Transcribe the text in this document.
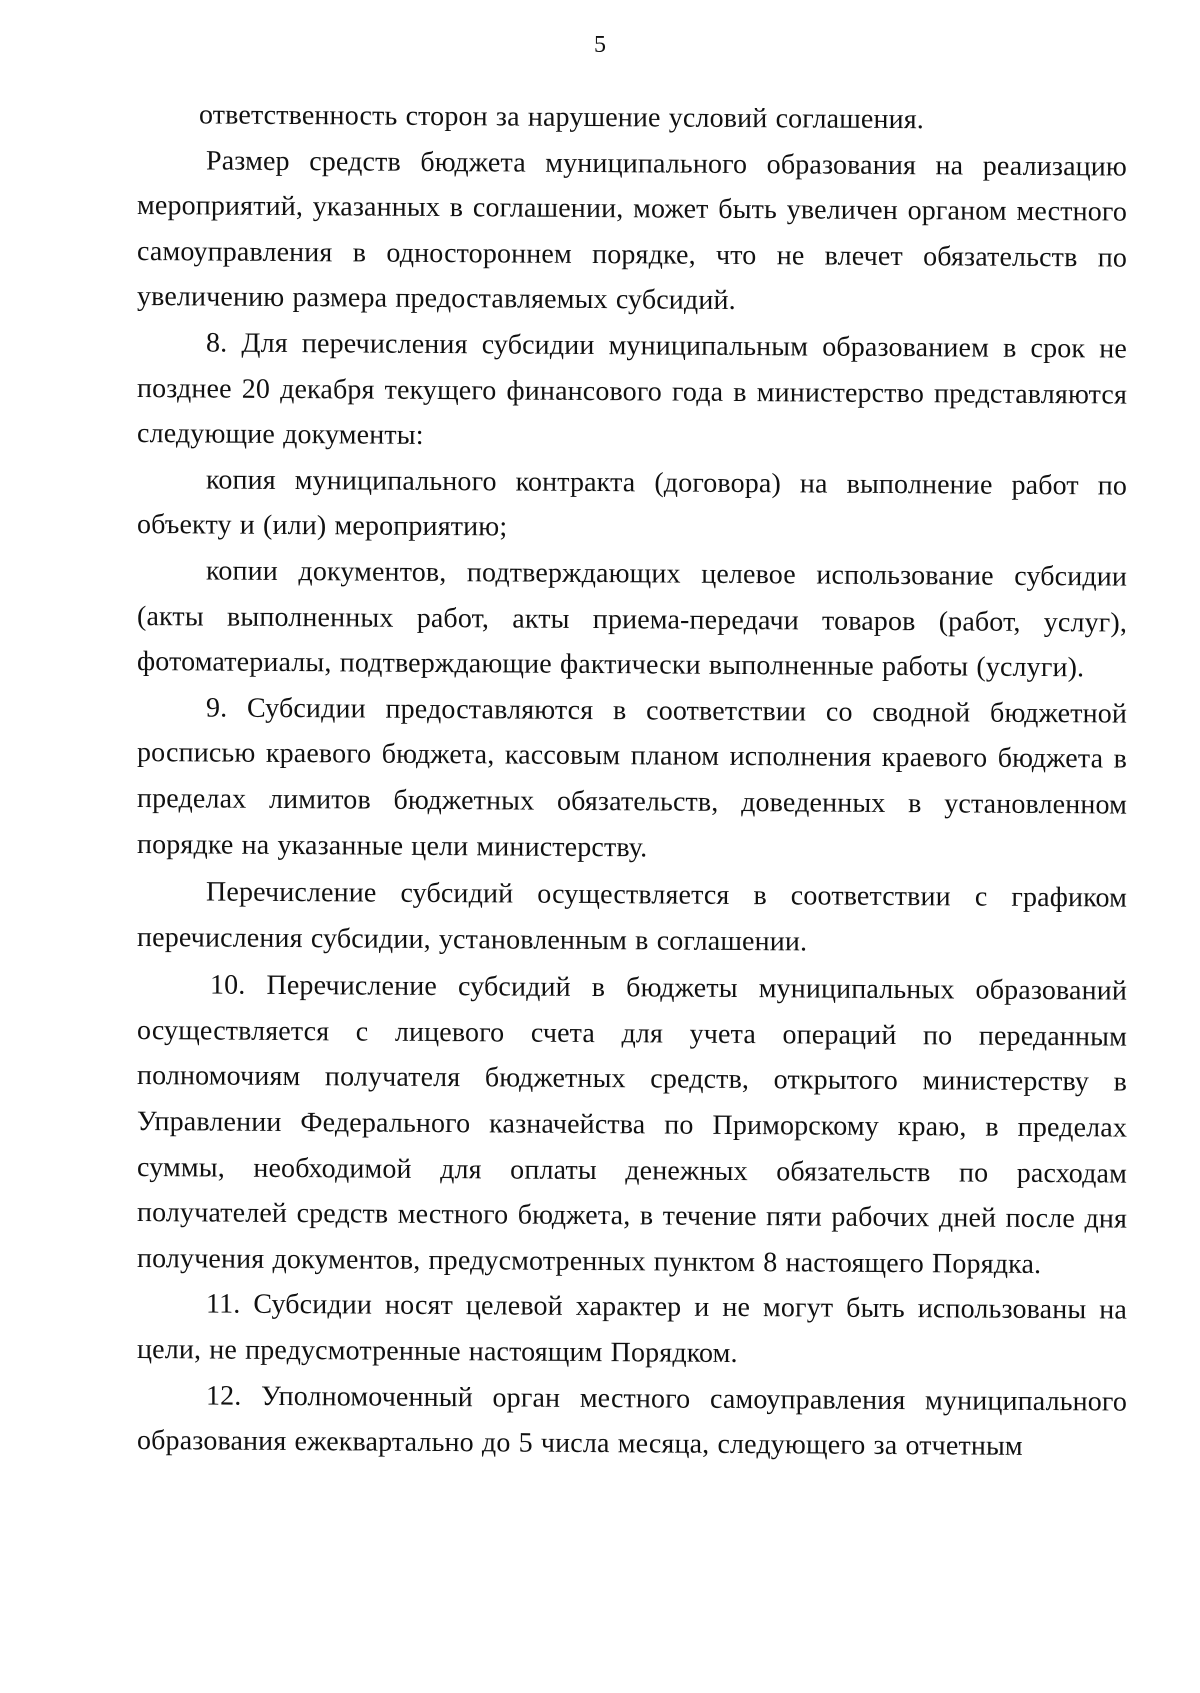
5

ответственность сторон за нарушение условий соглашения.

Размер средств бюджета муниципального образования на реализацию мероприятий, указанных в соглашении, может быть увеличен органом местного самоуправления в одностороннем порядке, что не влечет обязательств по увеличению размера предоставляемых субсидий.

8. Для перечисления субсидии муниципальным образованием в срок не позднее 20 декабря текущего финансового года в министерство представляются следующие документы:

копия муниципального контракта (договора) на выполнение работ по объекту и (или) мероприятию;

копии документов, подтверждающих целевое использование субсидии (акты выполненных работ, акты приема-передачи товаров (работ, услуг), фотоматериалы, подтверждающие фактически выполненные работы (услуги).

9. Субсидии предоставляются в соответствии со сводной бюджетной росписью краевого бюджета, кассовым планом исполнения краевого бюджета в пределах лимитов бюджетных обязательств, доведенных в установленном порядке на указанные цели министерству.

Перечисление субсидий осуществляется в соответствии с графиком перечисления субсидии, установленным в соглашении.

10. Перечисление субсидий в бюджеты муниципальных образований осуществляется с лицевого счета для учета операций по переданным полномочиям получателя бюджетных средств, открытого министерству в Управлении Федерального казначейства по Приморскому краю, в пределах суммы, необходимой для оплаты денежных обязательств по расходам получателей средств местного бюджета, в течение пяти рабочих дней после дня получения документов, предусмотренных пунктом 8 настоящего Порядка.

11. Субсидии носят целевой характер и не могут быть использованы на цели, не предусмотренные настоящим Порядком.

12. Уполномоченный орган местного самоуправления муниципального образования ежеквартально до 5 числа месяца, следующего за отчетным
